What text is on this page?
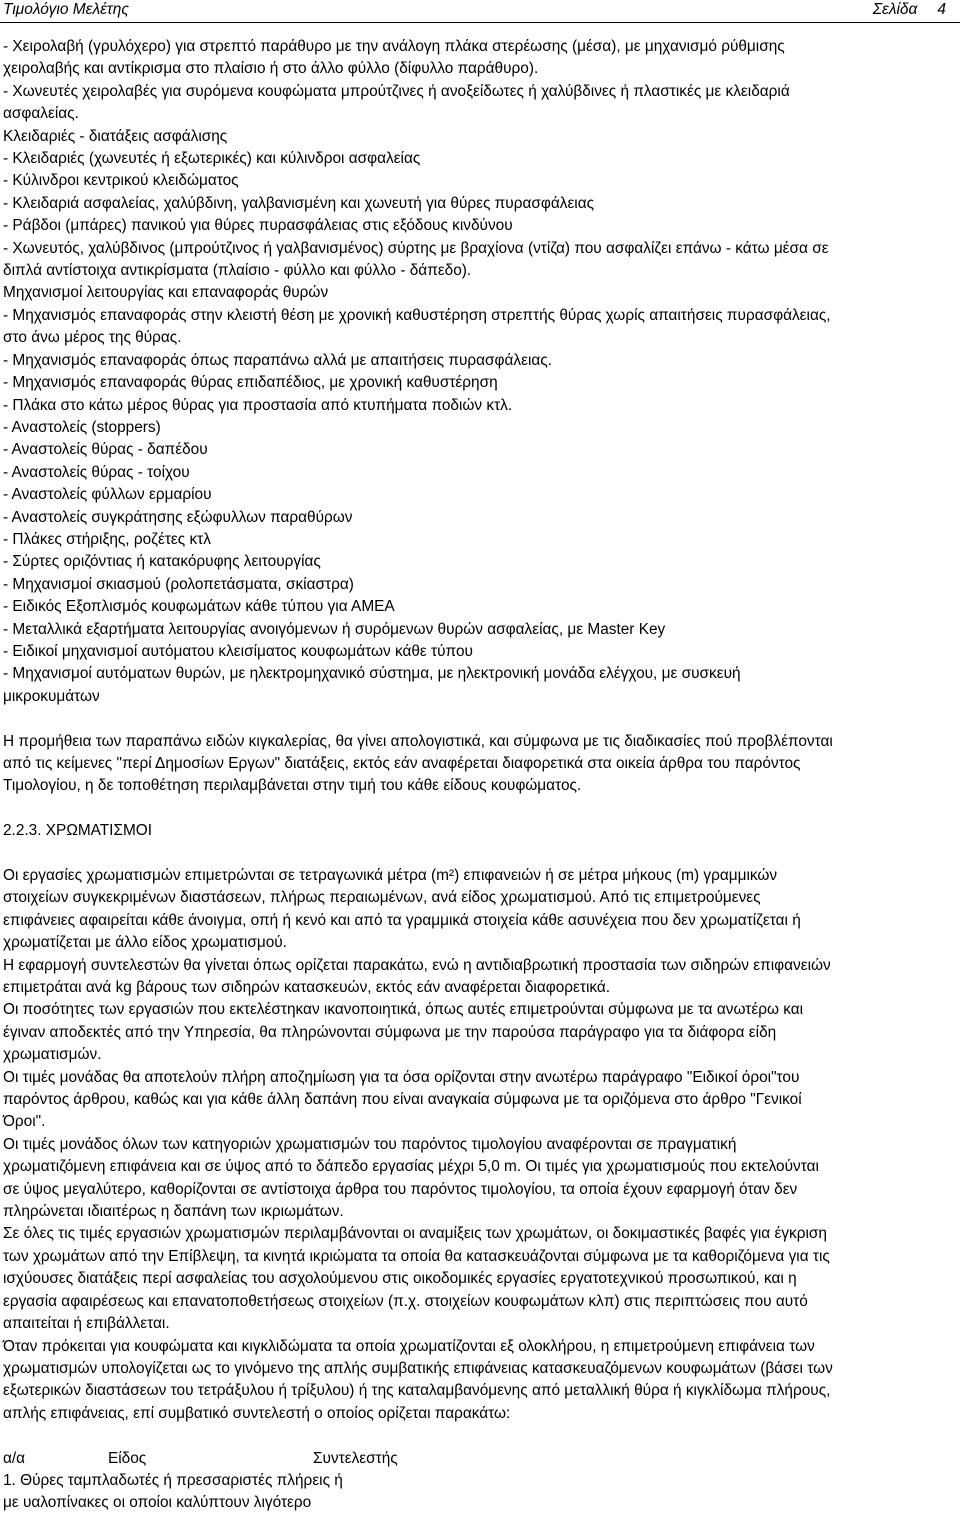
Τιμολόγιο Μελέτης	Σελίδα 4

- Χειρολαβή (γρυλόχερο) για στρεπτό παράθυρο με την ανάλογη πλάκα στερέωσης (μέσα), με μηχανισμό ρύθμισης

χειρολαβής και αντίκρισμα στο πλαίσιο ή στο άλλο φύλλο (δίφυλλο παράθυρο).

- Χωνευτές χειρολαβές για συρόμενα κουφώματα μπρούτζινες ή ανοξείδωτες ή χαλύβδινες ή πλαστικές με κλειδαριά

ασφαλείας.

Κλειδαριές - διατάξεις ασφάλισης

- Κλειδαριές (χωνευτές ή εξωτερικές) και κύλινδροι ασφαλείας

- Κύλινδροι κεντρικού κλειδώματος

- Κλειδαριά ασφαλείας, χαλύβδινη, γαλβανισμένη και χωνευτή για θύρες πυρασφάλειας

- Ράβδοι (μπάρες) πανικού για θύρες πυρασφάλειας στις εξόδους κινδύνου

- Χωνευτός, χαλύβδινος (μπρούτζινος ή γαλβανισμένος) σύρτης με βραχίονα (ντίζα) που ασφαλίζει επάνω - κάτω μέσα σε

διπλά αντίστοιχα αντικρίσματα (πλαίσιο - φύλλο και φύλλο - δάπεδο).

Μηχανισμοί λειτουργίας και επαναφοράς θυρών

- Μηχανισμός επαναφοράς στην κλειστή θέση με χρονική καθυστέρηση στρεπτής θύρας χωρίς απαιτήσεις πυρασφάλειας,

στο άνω μέρος της θύρας.

- Μηχανισμός επαναφοράς όπως παραπάνω αλλά με απαιτήσεις πυρασφάλειας.

- Μηχανισμός επαναφοράς θύρας επιδαπέδιος, με χρονική καθυστέρηση

- Πλάκα στο κάτω μέρος θύρας για προστασία από κτυπήματα ποδιών κτλ.

- Αναστολείς (stoppers)

- Αναστολείς θύρας - δαπέδου

- Αναστολείς θύρας - τοίχου

- Αναστολείς φύλλων ερμαρίου

- Αναστολείς συγκράτησης εξώφυλλων παραθύρων

- Πλάκες στήριξης, ροζέτες κτλ

- Σύρτες οριζόντιας ή κατακόρυφης λειτουργίας

- Μηχανισμοί σκιασμού (ρολοπετάσματα, σκίαστρα)

- Ειδικός Εξοπλισμός κουφωμάτων κάθε τύπου για ΑΜΕΑ

- Μεταλλικά εξαρτήματα λειτουργίας ανοιγόμενων ή συρόμενων θυρών ασφαλείας, με Master Key

- Ειδικοί μηχανισμοί αυτόματου κλεισίματος κουφωμάτων κάθε τύπου

- Μηχανισμοί αυτόματων θυρών, με ηλεκτρομηχανικό σύστημα, με ηλεκτρονική μονάδα ελέγχου, με συσκευή

μικροκυμάτων

Η προμήθεια των παραπάνω ειδών κιγκαλερίας, θα γίνει απολογιστικά, και σύμφωνα με τις διαδικασίες πού προβλέπονται

από τις κείμενες "περί Δημοσίων Εργων" διατάξεις, εκτός εάν αναφέρεται διαφορετικά στα οικεία άρθρα του παρόντος

Τιμολογίου, η δε τοποθέτηση περιλαμβάνεται στην τιμή του κάθε είδους κουφώματος.

2.2.3. ΧΡΩΜΑΤΙΣΜΟΙ

Οι εργασίες χρωματισμών επιμετρώνται σε τετραγωνικά μέτρα (m²) επιφανειών ή σε μέτρα μήκους (m) γραμμικών

στοιχείων συγκεκριμένων διαστάσεων, πλήρως περαιωμένων, ανά είδος χρωματισμού. Από τις επιμετρούμενες

επιφάνειες αφαιρείται κάθε άνοιγμα, οπή ή κενό και από τα γραμμικά στοιχεία κάθε ασυνέχεια που δεν χρωματίζεται ή

χρωματίζεται με άλλο είδος χρωματισμού.

Η εφαρμογή συντελεστών θα γίνεται όπως ορίζεται παρακάτω, ενώ η αντιδιαβρωτική προστασία των σιδηρών επιφανειών

επιμετράται ανά kg βάρους των σιδηρών κατασκευών, εκτός εάν αναφέρεται διαφορετικά.

Οι ποσότητες των εργασιών που εκτελέστηκαν ικανοποιητικά, όπως αυτές επιμετρούνται σύμφωνα με τα ανωτέρω και

έγιναν αποδεκτές από την Υπηρεσία, θα πληρώνονται σύμφωνα με την παρούσα παράγραφο για τα διάφορα είδη

χρωματισμών.

Οι τιμές μονάδας θα αποτελούν πλήρη αποζημίωση για τα όσα ορίζονται στην ανωτέρω παράγραφο "Ειδικοί όροι"του

παρόντος άρθρου, καθώς και για κάθε άλλη δαπάνη που είναι αναγκαία σύμφωνα με τα οριζόμενα στο άρθρο "Γενικοί

Όροι".

Οι τιμές μονάδος όλων των κατηγοριών χρωματισμών του παρόντος τιμολογίου αναφέρονται σε πραγματική

χρωματιζόμενη επιφάνεια και σε ύψος από το δάπεδο εργασίας μέχρι 5,0 m. Οι τιμές για χρωματισμούς που εκτελούνται

σε ύψος μεγαλύτερο, καθορίζονται σε αντίστοιχα άρθρα του παρόντος τιμολογίου, τα οποία έχουν εφαρμογή όταν δεν

πληρώνεται ιδιαιτέρως η δαπάνη των ικριωμάτων.

Σε όλες τις τιμές εργασιών χρωματισμών περιλαμβάνονται οι αναμίξεις των χρωμάτων, οι δοκιμαστικές βαφές για έγκριση

των χρωμάτων από την Επίβλεψη, τα κινητά ικριώματα τα οποία θα κατασκευάζονται σύμφωνα με τα καθοριζόμενα για τις

ισχύουσες διατάξεις περί ασφαλείας του ασχολούμενου στις οικοδομικές εργασίες εργατοτεχνικού προσωπικού, και η

εργασία αφαιρέσεως και επανατοποθετήσεως στοιχείων (π.χ. στοιχείων κουφωμάτων κλπ) στις περιπτώσεις που αυτό

απαιτείται ή επιβάλλεται.

Όταν πρόκειται για κουφώματα και κιγκλιδώματα τα οποία χρωματίζονται εξ ολοκλήρου, η επιμετρούμενη επιφάνεια των

χρωματισμών υπολογίζεται ως το γινόμενο της απλής συμβατικής επιφάνειας κατασκευαζόμενων κουφωμάτων (βάσει των

εξωτερικών διαστάσεων του τετράξυλου ή τρίξυλου) ή της καταλαμβανόμενης από μεταλλική θύρα ή κιγκλίδωμα πλήρους,

απλής επιφάνειας, επί συμβατικό συντελεστή ο οποίος ορίζεται παρακάτω:

α/α	Είδος	Συντελεστής

1. Θύρες ταμπλαδωτές ή πρεσσαριστές πλήρεις ή

με υαλοπίνακες οι οποίοι καλύπτουν λιγότερο
